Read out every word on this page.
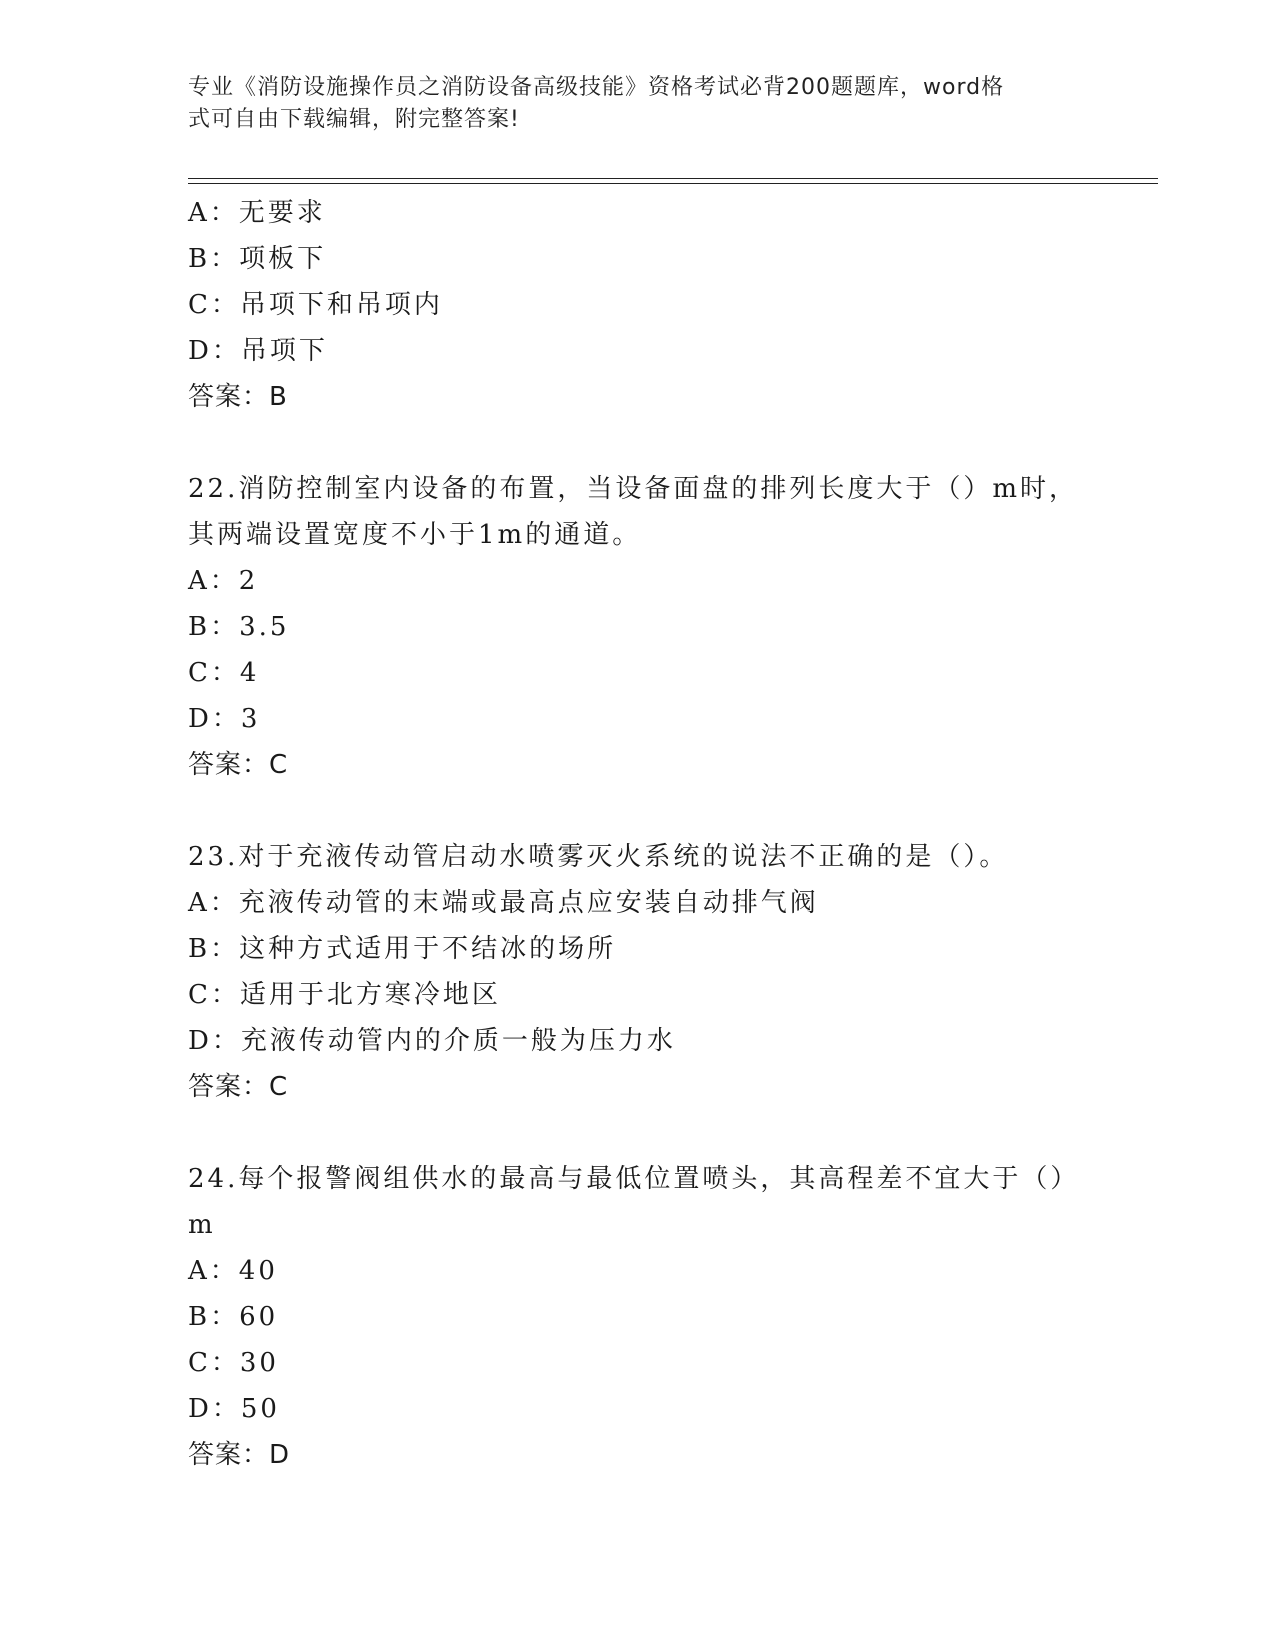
专业《消防设施操作员之消防设备高级技能》资格考试必背200题题库，word格
式可自由下载编辑，附完整答案!
A：无要求
B：项板下
C：吊项下和吊项内
D：吊项下
答案：B
22.消防控制室内设备的布置，当设备面盘的排列长度大于（）m时，
其两端设置宽度不小于1m的通道。
A：2
B：3.5
C：4
D：3
答案：C
23.对于充液传动管启动水喷雾灭火系统的说法不正确的是（）。
A：充液传动管的末端或最高点应安装自动排气阀
B：这种方式适用于不结冰的场所
C：适用于北方寒冷地区
D：充液传动管内的介质一般为压力水
答案：C
24.每个报警阀组供水的最高与最低位置喷头，其高程差不宜大于（）
m
A：40
B：60
C：30
D：50
答案：D
